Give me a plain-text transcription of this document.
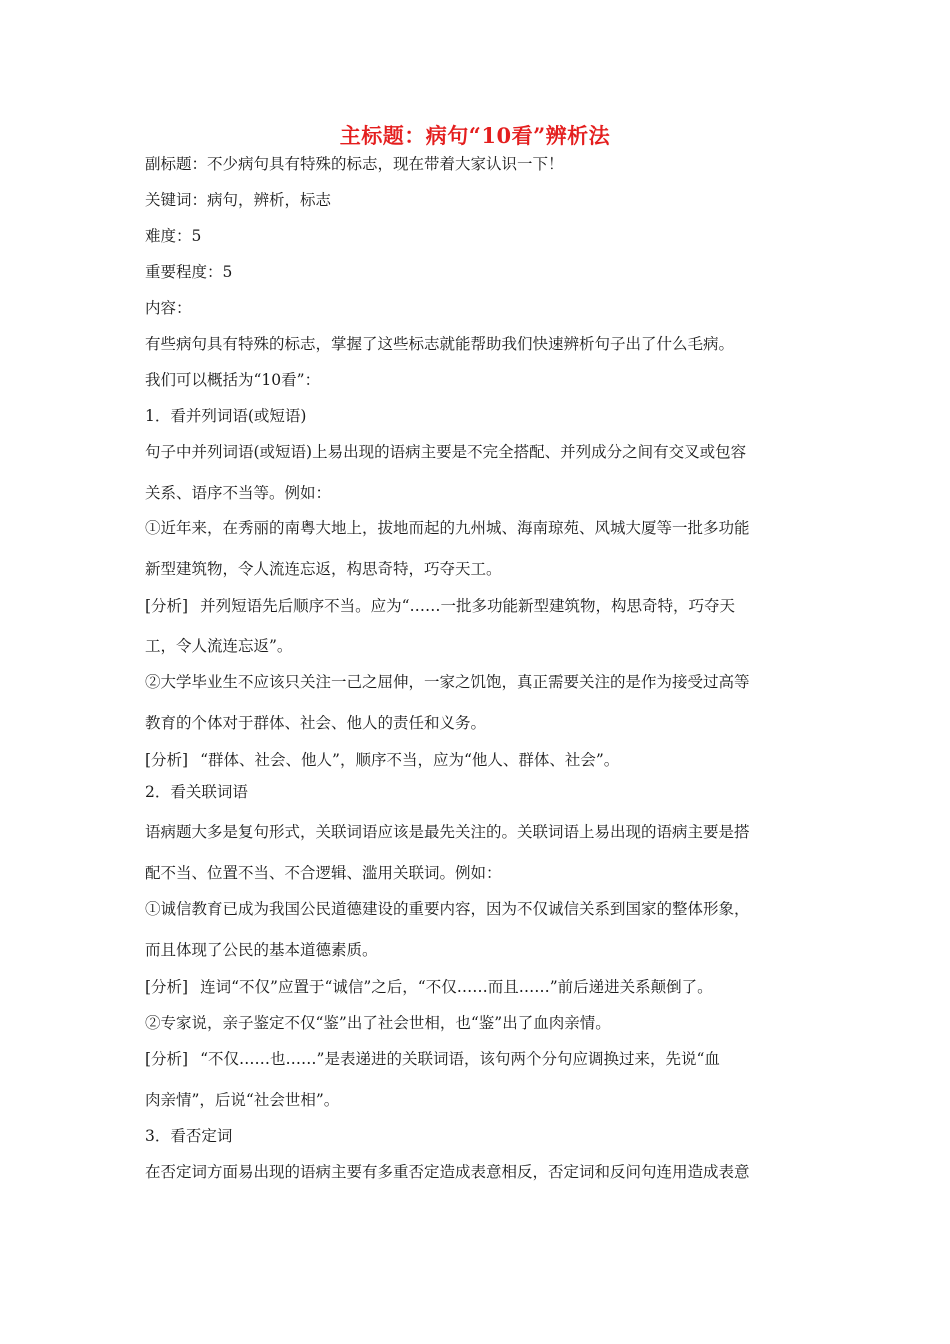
主标题：病句“10看”辨析法
副标题：不少病句具有特殊的标志，现在带着大家认识一下！
关键词：病句，辨析，标志
难度：5
重要程度：5
内容：
有些病句具有特殊的标志，掌握了这些标志就能帮助我们快速辨析句子出了什么毛病。
我们可以概括为“10看”：
1．看并列词语(或短语)
句子中并列词语(或短语)上易出现的语病主要是不完全搭配、并列成分之间有交叉或包容
关系、语序不当等。例如：
①近年来，在秀丽的南粤大地上，拔地而起的九州城、海南琼苑、风城大厦等一批多功能
新型建筑物，令人流连忘返，构思奇特，巧夺天工。
[分析] 并列短语先后顺序不当。应为“……一批多功能新型建筑物，构思奇特，巧夺天
工，令人流连忘返”。
②大学毕业生不应该只关注一己之屈伸，一家之饥饱，真正需要关注的是作为接受过高等
教育的个体对于群体、社会、他人的责任和义务。
[分析] “群体、社会、他人”，顺序不当，应为“他人、群体、社会”。
2．看关联词语
语病题大多是复句形式，关联词语应该是最先关注的。关联词语上易出现的语病主要是搭
配不当、位置不当、不合逻辑、滥用关联词。例如：
①诚信教育已成为我国公民道德建设的重要内容，因为不仅诚信关系到国家的整体形象，
而且体现了公民的基本道德素质。
[分析] 连词“不仅”应置于“诚信”之后，“不仅……而且……”前后递进关系颠倒了。
②专家说，亲子鉴定不仅“鉴”出了社会世相，也“鉴”出了血肉亲情。
[分析] “不仅……也……”是表递进的关联词语，该句两个分句应调换过来，先说“血
肉亲情”，后说“社会世相”。
3．看否定词
在否定词方面易出现的语病主要有多重否定造成表意相反，否定词和反问句连用造成表意
